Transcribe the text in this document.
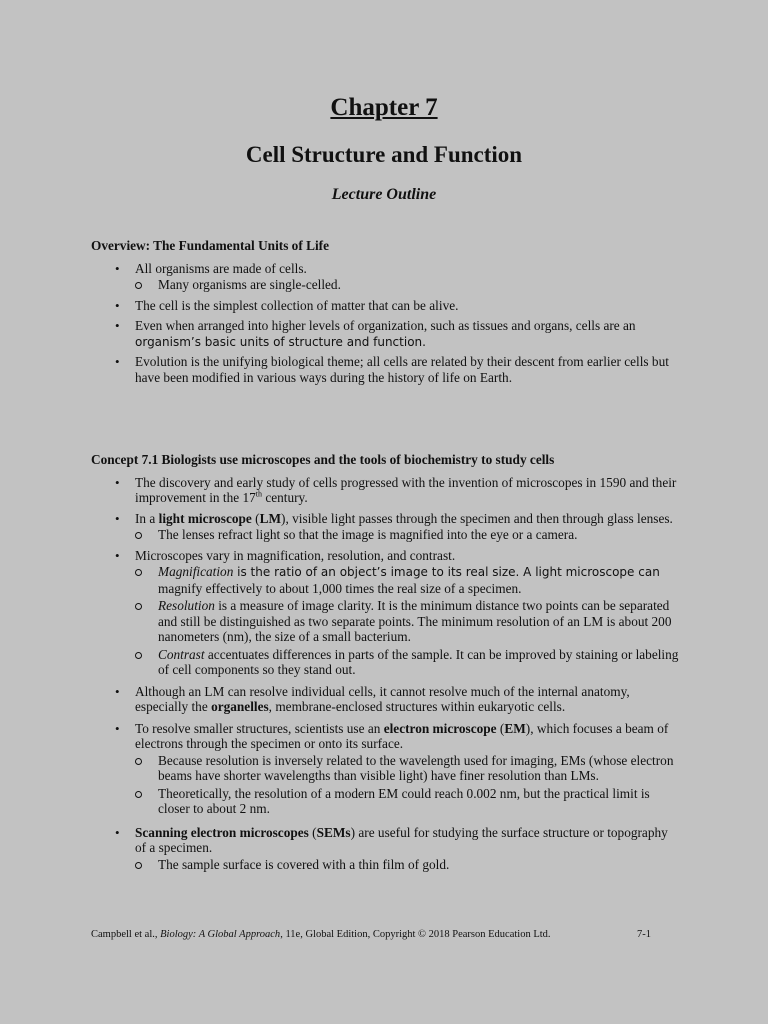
Chapter 7
Cell Structure and Function
Lecture Outline
Overview: The Fundamental Units of Life
• All organisms are made of cells.
Many organisms are single-celled.
• The cell is the simplest collection of matter that can be alive.
• Even when arranged into higher levels of organization, such as tissues and organs, cells are an organism’s basic units of structure and function.
• Evolution is the unifying biological theme; all cells are related by their descent from earlier cells but have been modified in various ways during the history of life on Earth.
Concept 7.1 Biologists use microscopes and the tools of biochemistry to study cells
• The discovery and early study of cells progressed with the invention of microscopes in 1590 and their improvement in the 17th century.
• In a light microscope (LM), visible light passes through the specimen and then through glass lenses.
The lenses refract light so that the image is magnified into the eye or a camera.
• Microscopes vary in magnification, resolution, and contrast.
Magnification is the ratio of an object’s image to its real size. A light microscope can
magnify effectively to about 1,000 times the real size of a specimen.
Resolution is a measure of image clarity. It is the minimum distance two points can be separated and still be distinguished as two separate points. The minimum resolution of an LM is about 200 nanometers (nm), the size of a small bacterium.
Contrast accentuates differences in parts of the sample. It can be improved by staining or labeling of cell components so they stand out.
• Although an LM can resolve individual cells, it cannot resolve much of the internal anatomy, especially the organelles, membrane-enclosed structures within eukaryotic cells.
• To resolve smaller structures, scientists use an electron microscope (EM), which focuses a beam of electrons through the specimen or onto its surface.
Because resolution is inversely related to the wavelength used for imaging, EMs (whose electron beams have shorter wavelengths than visible light) have finer resolution than LMs.
Theoretically, the resolution of a modern EM could reach 0.002 nm, but the practical limit is closer to about 2 nm.
• Scanning electron microscopes (SEMs) are useful for studying the surface structure or topography of a specimen.
The sample surface is covered with a thin film of gold.
Campbell et al., Biology: A Global Approach, 11e, Global Edition, Copyright © 2018 Pearson Education Ltd.	7-1
